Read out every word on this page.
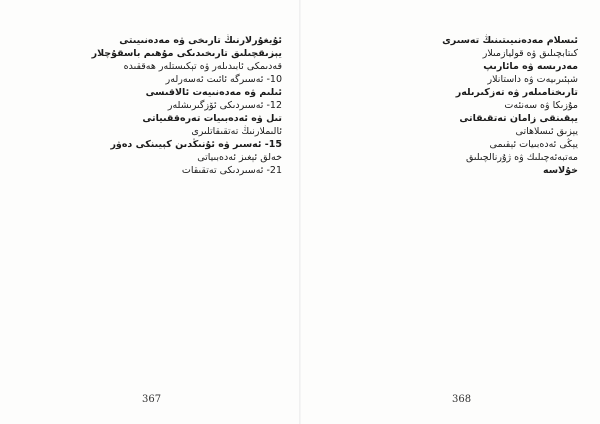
ئۇيغۇرلارنىڭ تارىخى ۋە مەدەنىيىتى
يېزىقچىلىق تارىخىدىكى مۇھىم باسقۇچلار
قەدىمكى ئابىدىلەر ۋە تېكىستلەر ھەققىدە
10- ئەسىرگە ئائىت ئەسەرلەر
ئىلىم ۋە مەدەنىيەت ئالاقىسى
12- ئەسىردىكى ئۆزگىرىشلەر
تىل ۋە ئەدەبىيات تەرەققىياتى
ئالىملارنىڭ تەتقىقاتلىرى
15- ئەسىر ۋە ئۇنىڭدىن كېيىنكى دەۋر
خەلق ئېغىز ئەدەبىياتى
21- ئەسىردىكى تەتقىقات
ئىسلام مەدەنىيىتىنىڭ تەسىرى
كىتابچىلىق ۋە قوليازمىلار
مەدرىسە ۋە مائارىپ
شېئىرىيەت ۋە داستانلار
تارىخنامىلەر ۋە تەزكىرىلەر
مۇزىكا ۋە سەنئەت
يېقىنقى زامان تەتقىقاتى
يېزىق ئىسلاھاتى
يېڭى ئەدەبىيات ئېقىمى
مەتبەئەچىلىك ۋە ژۇرنالچىلىق
خۇلاسە
367	368
